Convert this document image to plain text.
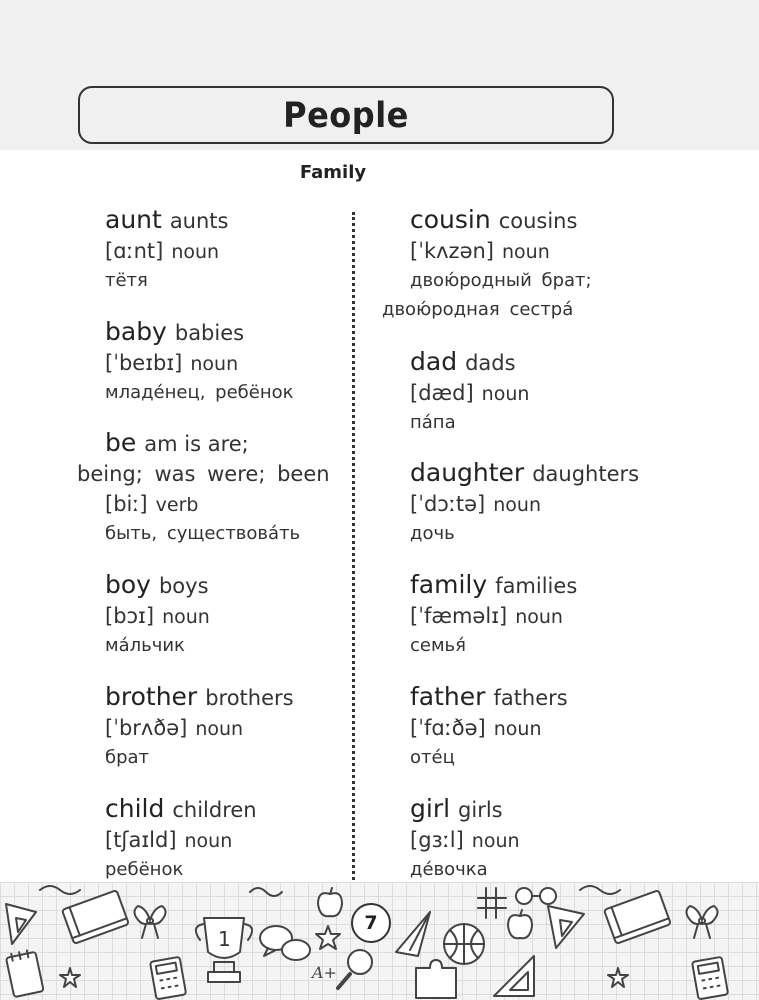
People
Family
aunt aunts
[ɑːnt] noun
тётя
baby babies
[ˈbeɪbɪ] noun
младе́нец, ребёнок
be am is are;
being; was were; been
[biː] verb
быть, существова́ть
boy boys
[bɔɪ] noun
ма́льчик
brother brothers
[ˈbrʌðə] noun
брат
child children
[tʃaɪld] noun
ребёнок
cousin cousins
[ˈkʌzən] noun
двою́родный брат;
двою́родная сестра́
dad dads
[dæd] noun
па́па
daughter daughters
[ˈdɔːtə] noun
дочь
family families
[ˈfæməlɪ] noun
семья́
father fathers
[ˈfɑːðə] noun
оте́ц
girl girls
[gɜːl] noun
де́вочка
1
A+
7
